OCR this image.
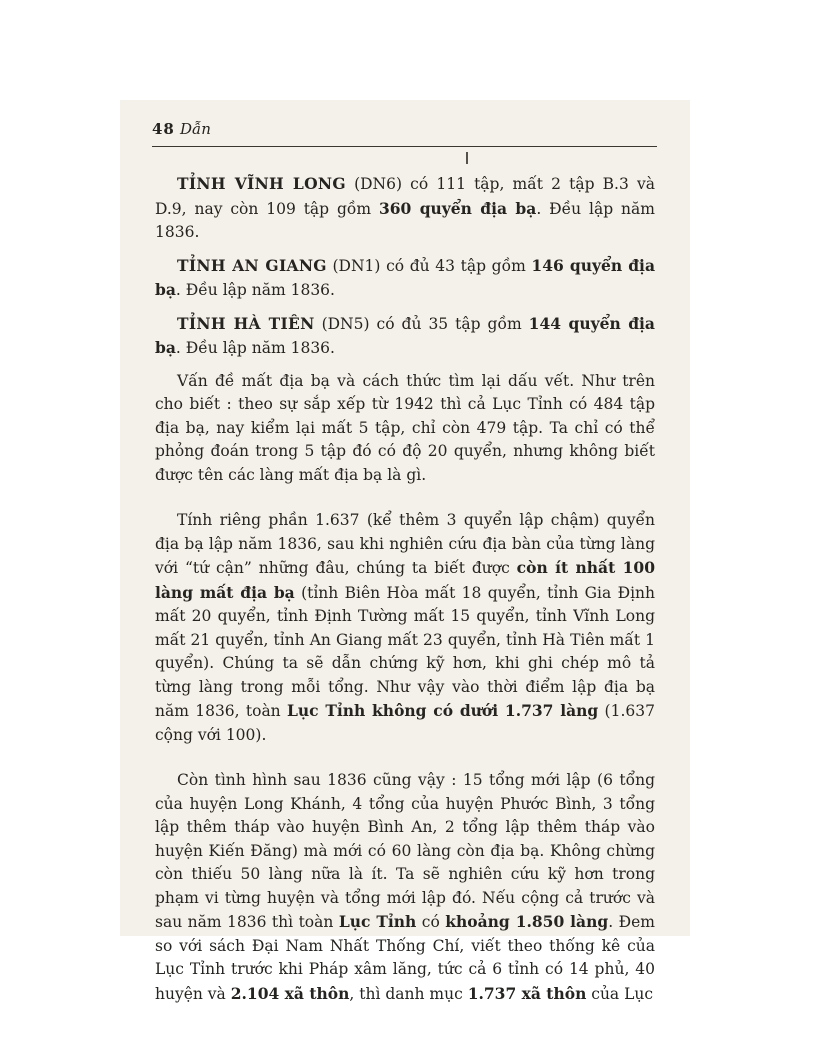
48 Dẫn

TỈNH VĨNH LONG (DN6) có 111 tập, mất 2 tập B.3 và D.9, nay còn 109 tập gồm 360 quyển địa bạ. Đều lập năm 1836.

TỈNH AN GIANG (DN1) có đủ 43 tập gồm 146 quyển địa bạ. Đều lập năm 1836.

TỈNH HÀ TIÊN (DN5) có đủ 35 tập gồm 144 quyển địa bạ. Đều lập năm 1836.

Vấn đề mất địa bạ và cách thức tìm lại dấu vết. Như trên cho biết : theo sự sắp xếp từ 1942 thì cả Lục Tỉnh có 484 tập địa bạ, nay kiểm lại mất 5 tập, chỉ còn 479 tập. Ta chỉ có thể phỏng đoán trong 5 tập đó có độ 20 quyển, nhưng không biết được tên các làng mất địa bạ là gì.

Tính riêng phần 1.637 (kể thêm 3 quyển lập chậm) quyển địa bạ lập năm 1836, sau khi nghiên cứu địa bàn của từng làng với “tứ cận” những đâu, chúng ta biết được còn ít nhất 100 làng mất địa bạ (tỉnh Biên Hòa mất 18 quyển, tỉnh Gia Định mất 20 quyển, tỉnh Định Tường mất 15 quyển, tỉnh Vĩnh Long mất 21 quyển, tỉnh An Giang mất 23 quyển, tỉnh Hà Tiên mất 1 quyển). Chúng ta sẽ dẫn chứng kỹ hơn, khi ghi chép mô tả từng làng trong mỗi tổng. Như vậy vào thời điểm lập địa bạ năm 1836, toàn Lục Tỉnh không có dưới 1.737 làng (1.637 cộng với 100).

Còn tình hình sau 1836 cũng vậy : 15 tổng mới lập (6 tổng của huyện Long Khánh, 4 tổng của huyện Phước Bình, 3 tổng lập thêm tháp vào huyện Bình An, 2 tổng lập thêm tháp vào huyện Kiến Đăng) mà mới có 60 làng còn địa bạ. Không chừng còn thiếu 50 làng nữa là ít. Ta sẽ nghiên cứu kỹ hơn trong phạm vi từng huyện và tổng mới lập đó. Nếu cộng cả trước và sau năm 1836 thì toàn Lục Tỉnh có khoảng 1.850 làng. Đem so với sách Đại Nam Nhất Thống Chí, viết theo thống kê của Lục Tỉnh trước khi Pháp xâm lăng, tức cả 6 tỉnh có 14 phủ, 40 huyện và 2.104 xã thôn, thì danh mục 1.737 xã thôn của Lục
